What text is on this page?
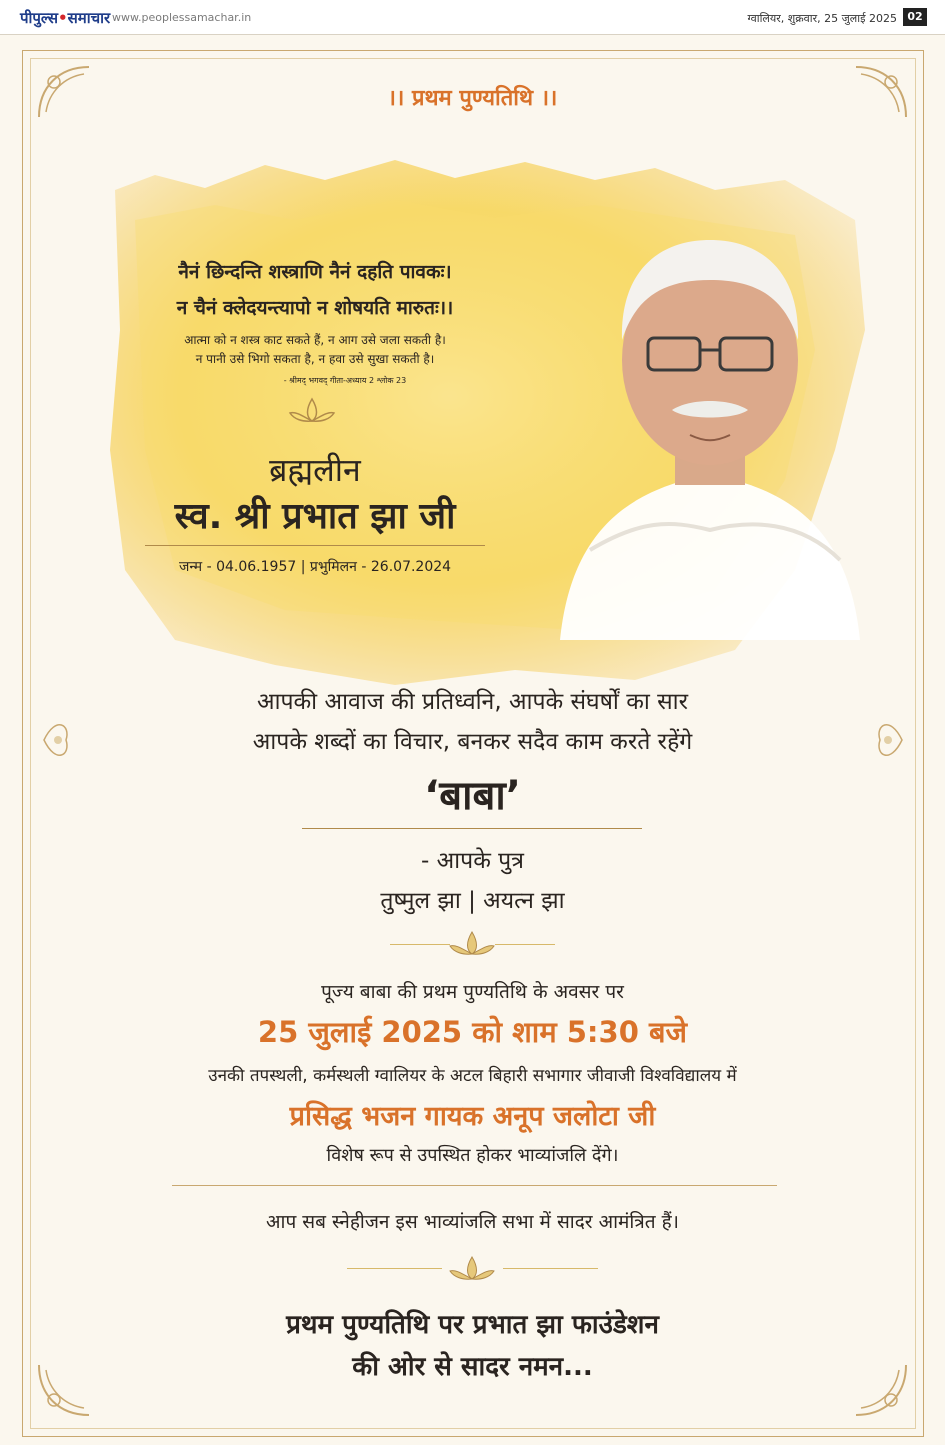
पीपुल्स•समाचार www.peoplessamachar.in	ग्वालियर, शुक्रवार, 25 जुलाई 2025 02
।। प्रथम पुण्यतिथि ।।
नैनं छिन्दन्ति शस्त्राणि नैनं दहति पावकः।
न चैनं क्लेदयन्त्यापो न शोषयति मारुतः।।
आत्मा को न शस्त्र काट सकते हैं, न आग उसे जला सकती है।
न पानी उसे भिगो सकता है, न हवा उसे सुखा सकती है।
- श्रीमद् भगवद् गीता-अध्याय 2 श्लोक 23
ब्रह्मलीन
स्व. श्री प्रभात झा जी
जन्म - 04.06.1957 | प्रभुमिलन - 26.07.2024
आपकी आवाज की प्रतिध्वनि, आपके संघर्षों का सार
आपके शब्दों का विचार, बनकर सदैव काम करते रहेंगे
‘बाबा’
- आपके पुत्र
तुष्मुल झा | अयत्न झा
पूज्य बाबा की प्रथम पुण्यतिथि के अवसर पर
25 जुलाई 2025 को शाम 5:30 बजे
उनकी तपस्थली, कर्मस्थली ग्वालियर के अटल बिहारी सभागार जीवाजी विश्वविद्यालय में
प्रसिद्ध भजन गायक अनूप जलोटा जी
विशेष रूप से उपस्थित होकर भाव्यांजलि देंगे।
आप सब स्नेहीजन इस भाव्यांजलि सभा में सादर आमंत्रित हैं।
प्रथम पुण्यतिथि पर प्रभात झा फाउंडेशन
की ओर से सादर नमन...
